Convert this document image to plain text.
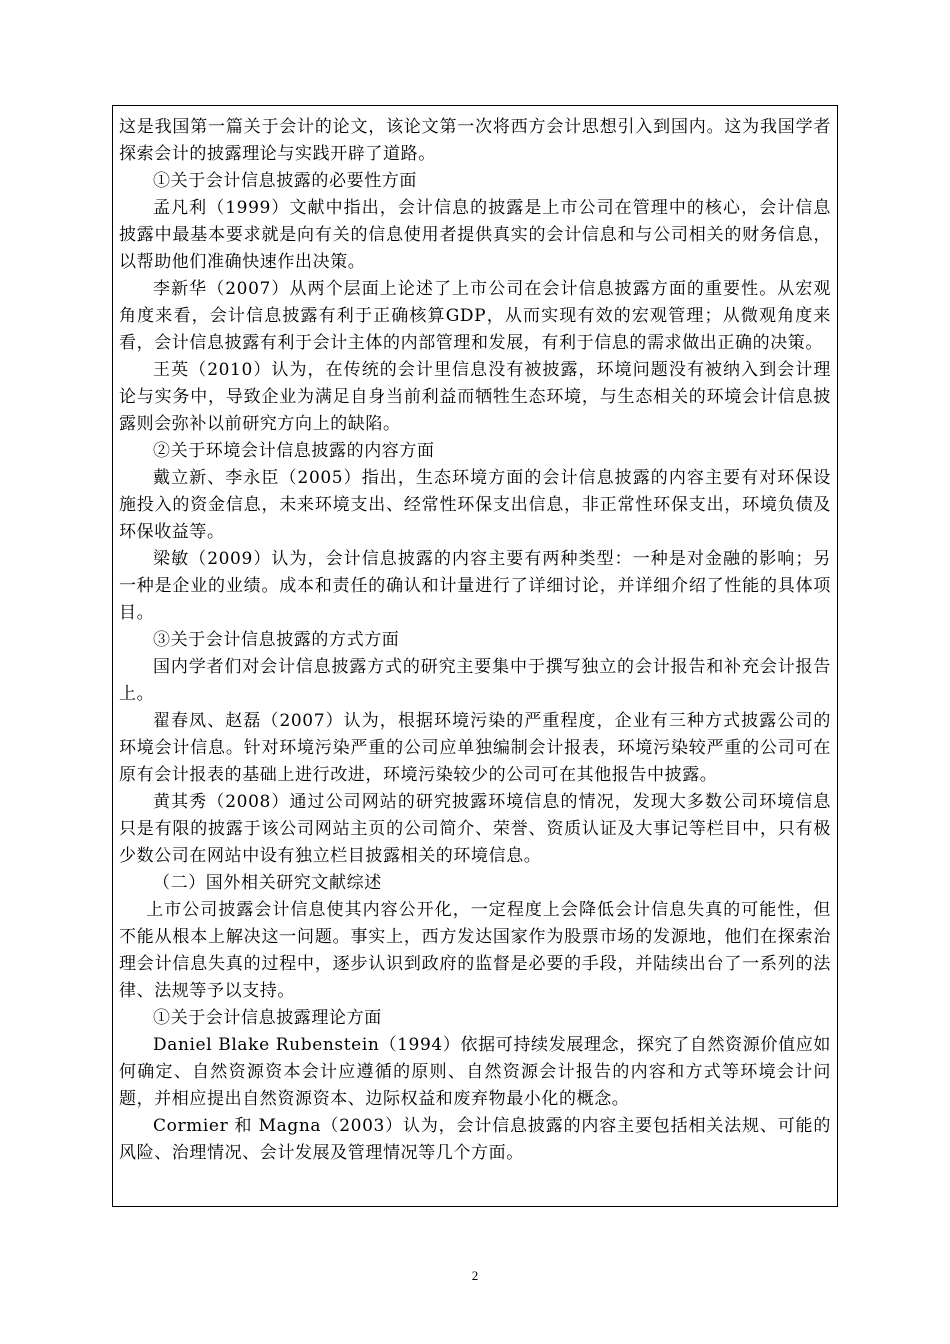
这是我国第一篇关于会计的论文，该论文第一次将西方会计思想引入到国内。这为我国学者探索会计的披露理论与实践开辟了道路。

①关于会计信息披露的必要性方面

孟凡利（1999）文献中指出，会计信息的披露是上市公司在管理中的核心，会计信息披露中最基本要求就是向有关的信息使用者提供真实的会计信息和与公司相关的财务信息，以帮助他们准确快速作出决策。

李新华（2007）从两个层面上论述了上市公司在会计信息披露方面的重要性。从宏观角度来看，会计信息披露有利于正确核算GDP，从而实现有效的宏观管理；从微观角度来看，会计信息披露有利于会计主体的内部管理和发展，有利于信息的需求做出正确的决策。

王英（2010）认为，在传统的会计里信息没有被披露，环境问题没有被纳入到会计理论与实务中，导致企业为满足自身当前利益而牺牲生态环境，与生态相关的环境会计信息披露则会弥补以前研究方向上的缺陷。

②关于环境会计信息披露的内容方面

戴立新、李永臣（2005）指出，生态环境方面的会计信息披露的内容主要有对环保设施投入的资金信息，未来环境支出、经常性环保支出信息，非正常性环保支出，环境负债及环保收益等。

梁敏（2009）认为，会计信息披露的内容主要有两种类型：一种是对金融的影响；另一种是企业的业绩。成本和责任的确认和计量进行了详细讨论，并详细介绍了性能的具体项目。

③关于会计信息披露的方式方面

国内学者们对会计信息披露方式的研究主要集中于撰写独立的会计报告和补充会计报告上。

翟春凤、赵磊（2007）认为，根据环境污染的严重程度，企业有三种方式披露公司的环境会计信息。针对环境污染严重的公司应单独编制会计报表，环境污染较严重的公司可在原有会计报表的基础上进行改进，环境污染较少的公司可在其他报告中披露。

黄其秀（2008）通过公司网站的研究披露环境信息的情况，发现大多数公司环境信息只是有限的披露于该公司网站主页的公司简介、荣誉、资质认证及大事记等栏目中，只有极少数公司在网站中设有独立栏目披露相关的环境信息。

（二）国外相关研究文献综述

上市公司披露会计信息使其内容公开化，一定程度上会降低会计信息失真的可能性，但不能从根本上解决这一问题。事实上，西方发达国家作为股票市场的发源地，他们在探索治理会计信息失真的过程中，逐步认识到政府的监督是必要的手段，并陆续出台了一系列的法律、法规等予以支持。

①关于会计信息披露理论方面

Daniel Blake Rubenstein（1994）依据可持续发展理念，探究了自然资源价值应如何确定、自然资源资本会计应遵循的原则、自然资源会计报告的内容和方式等环境会计问题，并相应提出自然资源资本、边际权益和废弃物最小化的概念。

Cormier 和 Magna（2003）认为，会计信息披露的内容主要包括相关法规、可能的风险、治理情况、会计发展及管理情况等几个方面。

2
